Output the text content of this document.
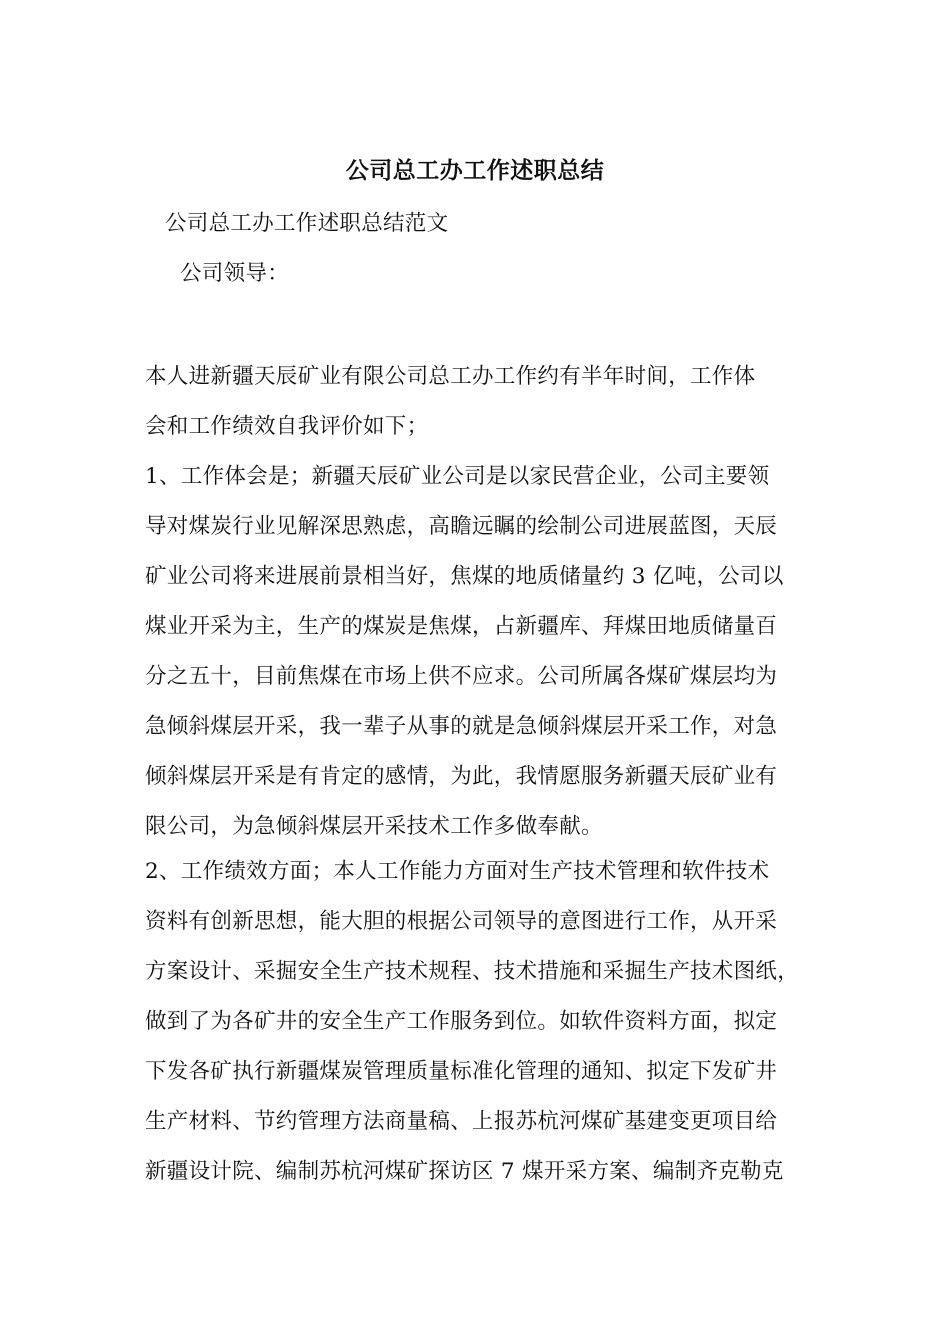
公司总工办工作述职总结
公司总工办工作述职总结范文
公司领导：
本人进新疆天辰矿业有限公司总工办工作约有半年时间，工作体
会和工作绩效自我评价如下；
1、工作体会是；新疆天辰矿业公司是以家民营企业，公司主要领
导对煤炭行业见解深思熟虑，高瞻远瞩的绘制公司进展蓝图，天辰
矿业公司将来进展前景相当好，焦煤的地质储量约 3 亿吨，公司以
煤业开采为主，生产的煤炭是焦煤，占新疆库、拜煤田地质储量百
分之五十，目前焦煤在市场上供不应求。公司所属各煤矿煤层均为
急倾斜煤层开采，我一辈子从事的就是急倾斜煤层开采工作，对急
倾斜煤层开采是有肯定的感情，为此，我情愿服务新疆天辰矿业有
限公司，为急倾斜煤层开采技术工作多做奉献。
2、工作绩效方面；本人工作能力方面对生产技术管理和软件技术
资料有创新思想，能大胆的根据公司领导的意图进行工作，从开采
方案设计、采掘安全生产技术规程、技术措施和采掘生产技术图纸，
做到了为各矿井的安全生产工作服务到位。如软件资料方面，拟定
下发各矿执行新疆煤炭管理质量标准化管理的通知、拟定下发矿井
生产材料、节约管理方法商量稿、上报苏杭河煤矿基建变更项目给
新疆设计院、编制苏杭河煤矿探访区 7 煤开采方案、编制齐克勒克
